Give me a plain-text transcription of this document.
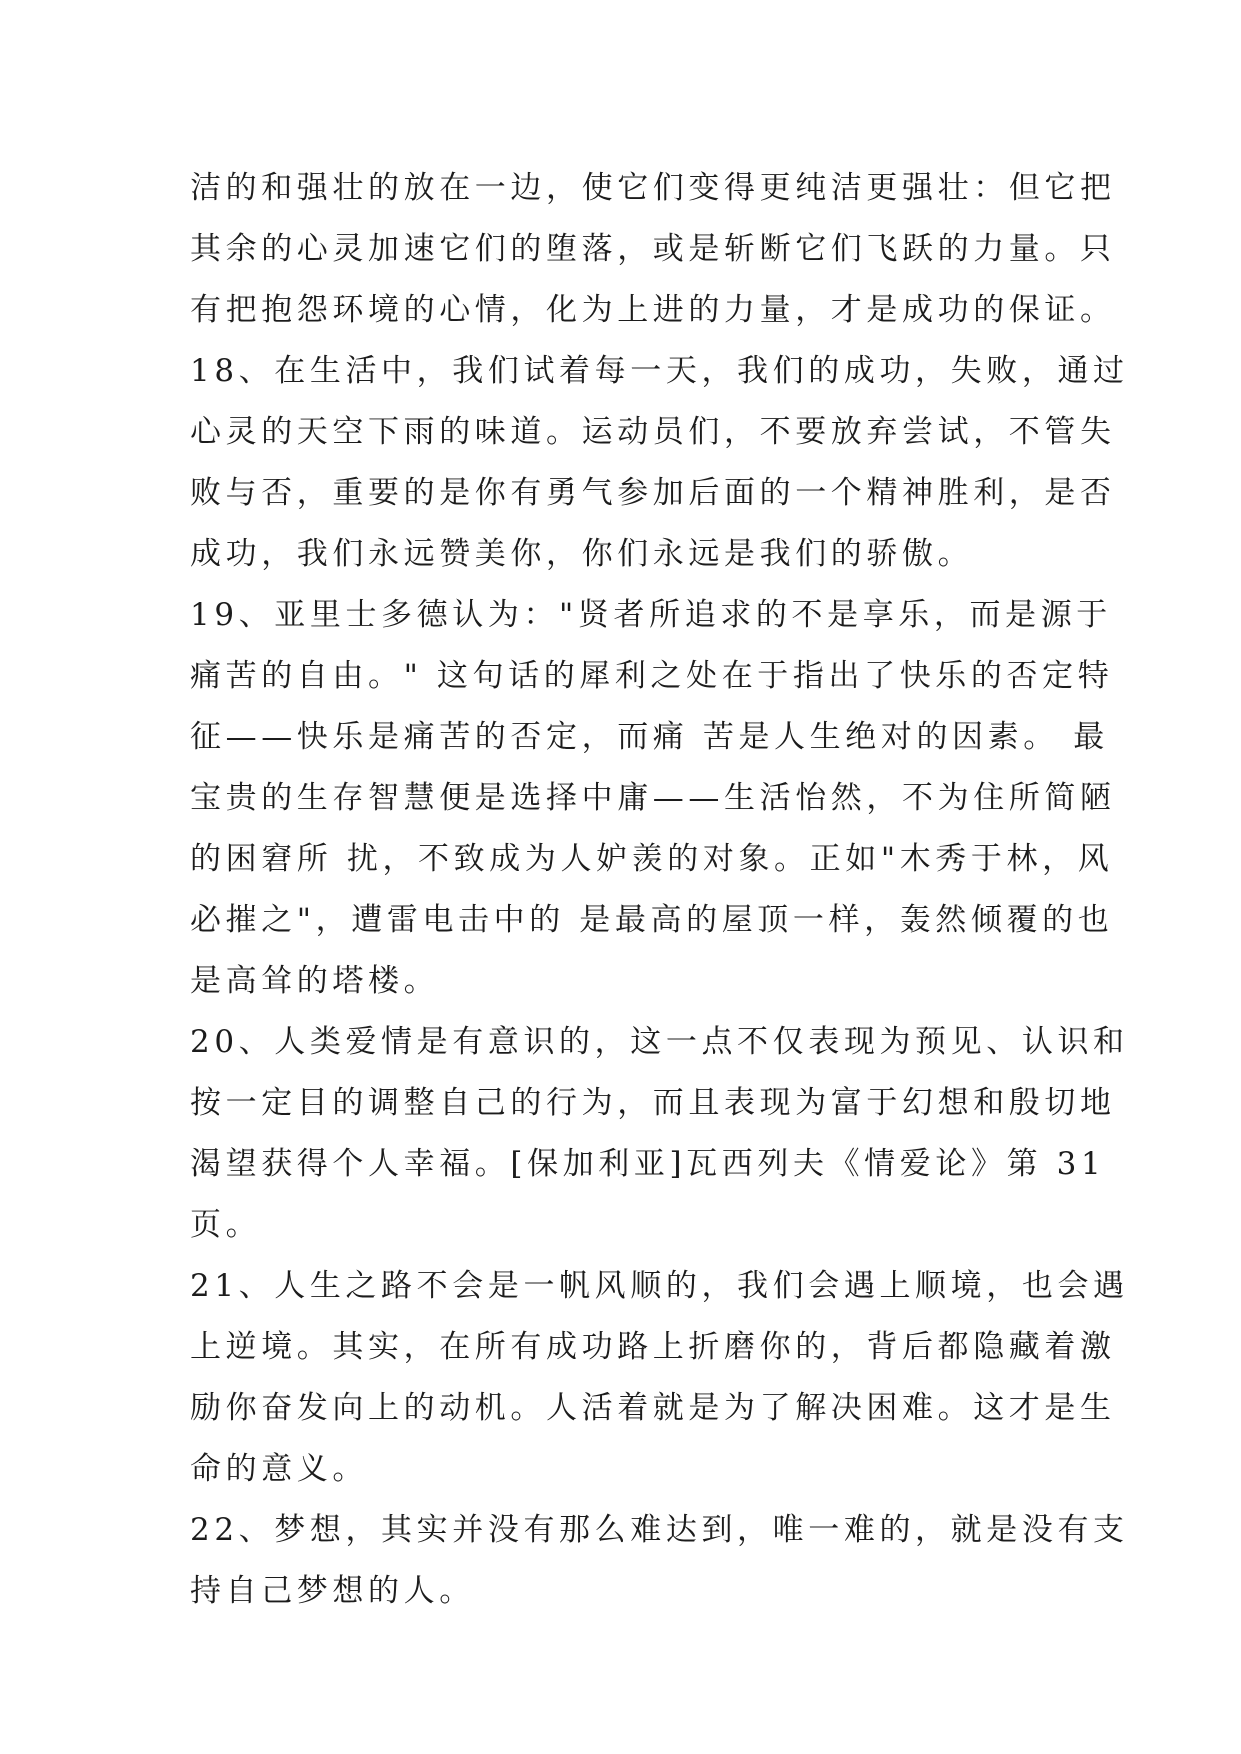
洁的和强壮的放在一边，使它们变得更纯洁更强壮：但它把
其余的心灵加速它们的堕落，或是斩断它们飞跃的力量。只
有把抱怨环境的心情，化为上进的力量，才是成功的保证。
18、在生活中，我们试着每一天，我们的成功，失败，通过
心灵的天空下雨的味道。运动员们，不要放弃尝试，不管失
败与否，重要的是你有勇气参加后面的一个精神胜利，是否
成功，我们永远赞美你，你们永远是我们的骄傲。
19、亚里士多德认为："贤者所追求的不是享乐，而是源于
痛苦的自由。" 这句话的犀利之处在于指出了快乐的否定特
征——快乐是痛苦的否定，而痛 苦是人生绝对的因素。 最
宝贵的生存智慧便是选择中庸——生活怡然，不为住所简陋
的困窘所 扰，不致成为人妒羡的对象。正如"木秀于林，风
必摧之"，遭雷电击中的 是最高的屋顶一样，轰然倾覆的也
是高耸的塔楼。
20、人类爱情是有意识的，这一点不仅表现为预见、认识和
按一定目的调整自己的行为，而且表现为富于幻想和殷切地
渴望获得个人幸福。[保加利亚]瓦西列夫《情爱论》第 31
页。
21、人生之路不会是一帆风顺的，我们会遇上顺境，也会遇
上逆境。其实，在所有成功路上折磨你的，背后都隐藏着激
励你奋发向上的动机。人活着就是为了解决困难。这才是生
命的意义。
22、梦想，其实并没有那么难达到，唯一难的，就是没有支
持自己梦想的人。
